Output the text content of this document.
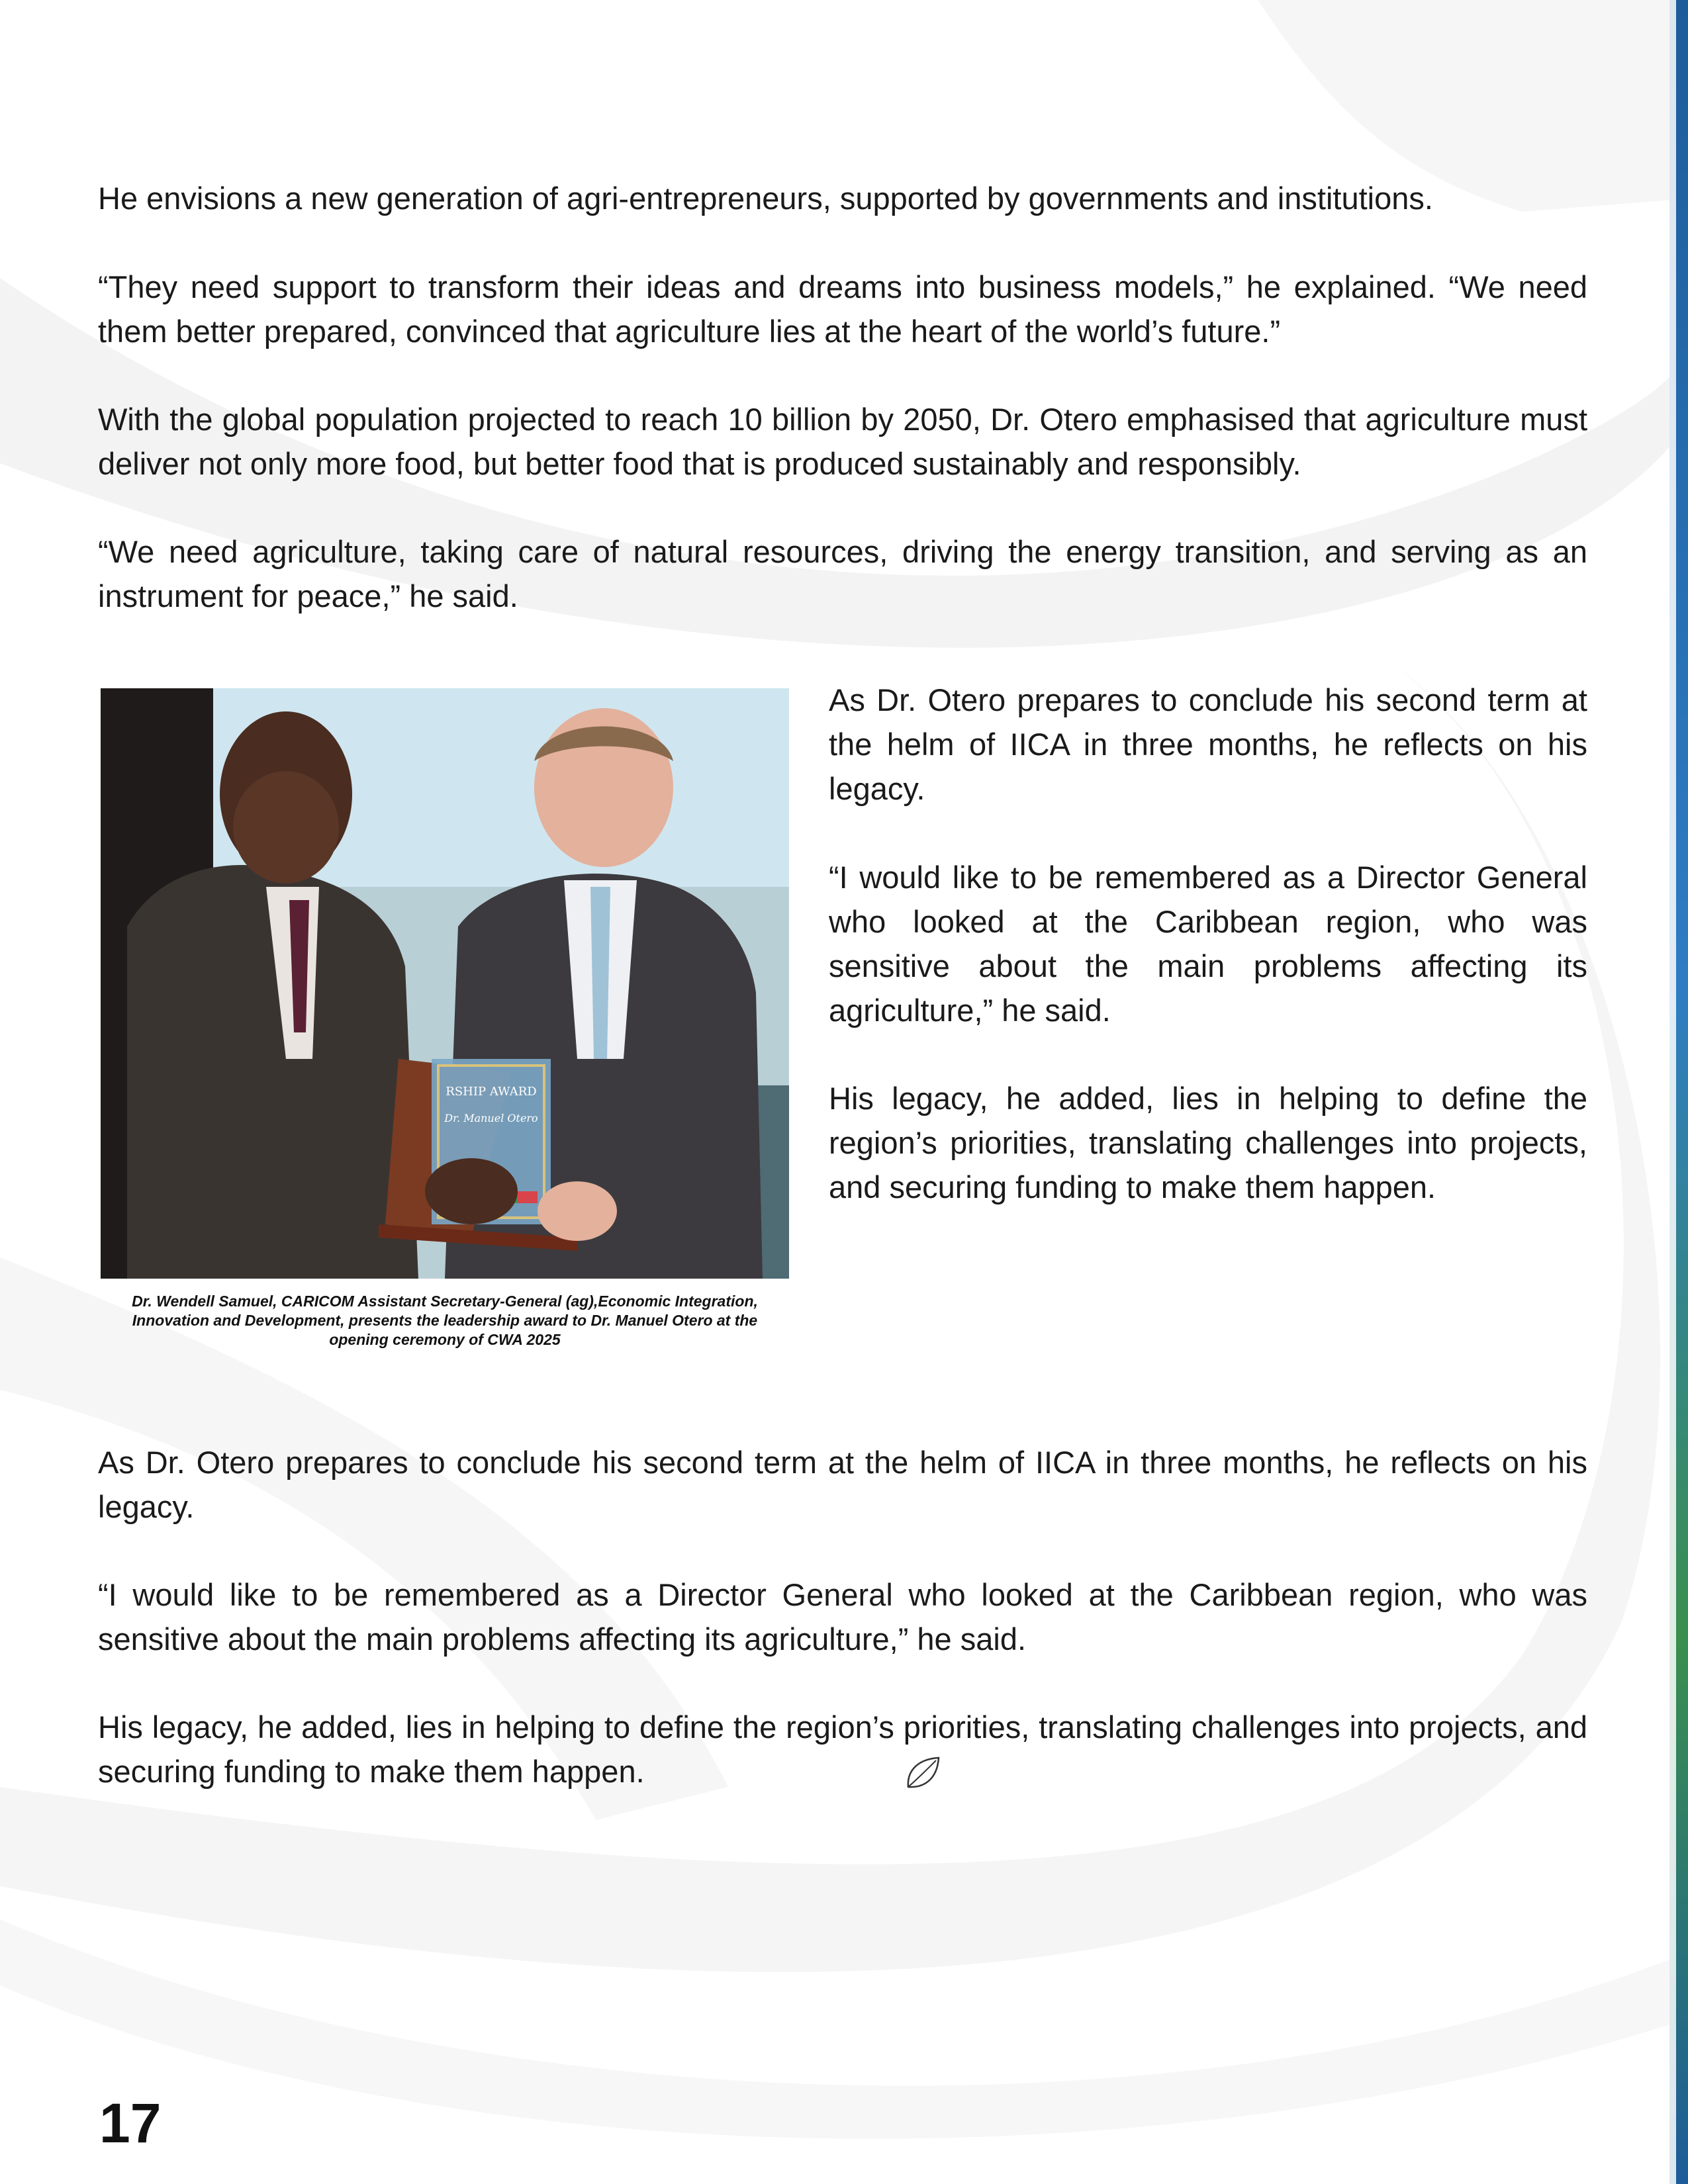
He envisions a new generation of agri-entrepreneurs, supported by governments and institutions.

“They need support to transform their ideas and dreams into business models,” he explained. “We need them better prepared, convinced that agriculture lies at the heart of the world’s future.”

With the global population projected to reach 10 billion by 2050, Dr. Otero emphasised that agriculture must deliver not only more food, but better food that is produced sustainably and responsibly.

“We need agriculture, taking care of natural resources, driving the energy transition, and serving as an instrument for peace,” he said.

RSHIP AWARD
Dr. Manuel Otero
Dr. Wendell Samuel, CARICOM Assistant Secretary-General (ag),Economic Integration, Innovation and Development, presents the leadership award to Dr. Manuel Otero at the opening ceremony of CWA 2025

As Dr. Otero prepares to conclude his second term at the helm of IICA in three months, he reflects on his legacy.

“I would like to be remembered as a Director General who looked at the Caribbean region, who was sensitive about the main problems affecting its agriculture,” he said.

His legacy, he added, lies in helping to define the region’s priorities, translating challenges into projects, and securing funding to make them happen.

As Dr. Otero prepares to conclude his second term at the helm of IICA in three months, he reflects on his legacy.

“I would like to be remembered as a Director General who looked at the Caribbean region, who was sensitive about the main problems affecting its agriculture,” he said.

His legacy, he added, lies in helping to define the region’s priorities, translating challenges into projects, and securing funding to make them happen.

17
